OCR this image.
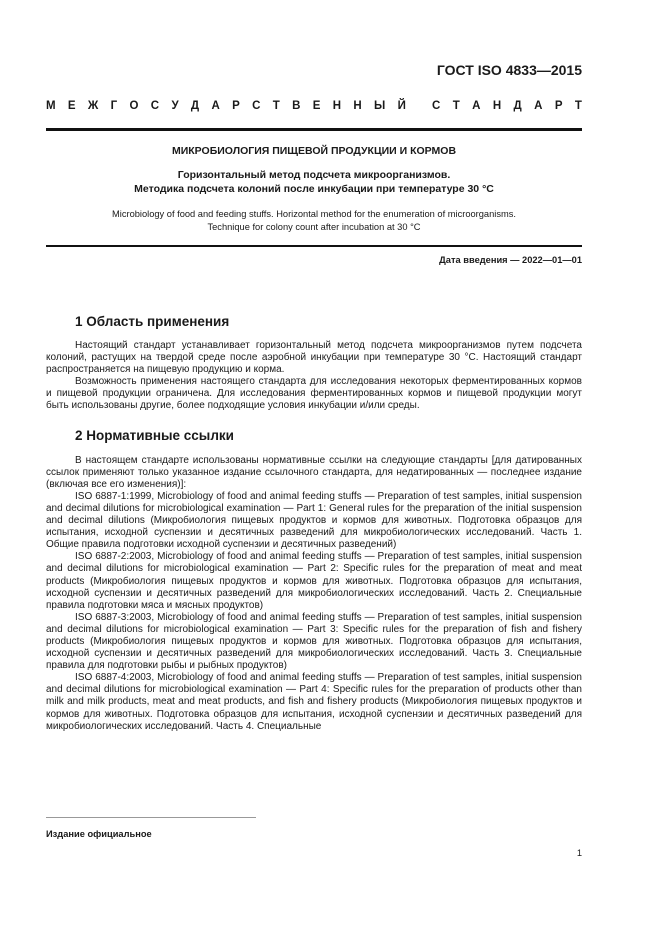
ГОСТ ISO 4833—2015
М Е Ж Г О С У Д А Р С Т В Е Н Н Ы Й С Т А Н Д А Р Т
МИКРОБИОЛОГИЯ ПИЩЕВОЙ ПРОДУКЦИИ И КОРМОВ
Горизонтальный метод подсчета микроорганизмов.
Методика подсчета колоний после инкубации при температуре 30 °С
Microbiology of food and feeding stuffs. Horizontal method for the enumeration of microorganisms.
Technique for colony count after incubation at 30 °C
Дата введения — 2022—01—01
1 Область применения

Настоящий стандарт устанавливает горизонтальный метод подсчета микроорганизмов путем подсчета колоний, растущих на твердой среде после аэробной инкубации при температуре 30 °С. Настоящий стандарт распространяется на пищевую продукцию и корма.

Возможность применения настоящего стандарта для исследования некоторых ферментированных кормов и пищевой продукции ограничена. Для исследования ферментированных кормов и пищевой продукции могут быть использованы другие, более подходящие условия инкубации и/или среды.

2 Нормативные ссылки

В настоящем стандарте использованы нормативные ссылки на следующие стандарты [для датированных ссылок применяют только указанное издание ссылочного стандарта, для недатированных — последнее издание (включая все его изменения)]:

ISO 6887-1:1999, Microbiology of food and animal feeding stuffs — Preparation of test samples, initial suspension and decimal dilutions for microbiological examination — Part 1: General rules for the preparation of the initial suspension and decimal dilutions (Микробиология пищевых продуктов и кормов для животных. Подготовка образцов для испытания, исходной суспензии и десятичных разведений для микробиологических исследований. Часть 1. Общие правила подготовки исходной суспензии и десятичных разведений)

ISO 6887-2:2003, Microbiology of food and animal feeding stuffs — Preparation of test samples, initial suspension and decimal dilutions for microbiological examination — Part 2: Specific rules for the preparation of meat and meat products (Микробиология пищевых продуктов и кормов для животных. Подготовка образцов для испытания, исходной суспензии и десятичных разведений для микробиологических исследований. Часть 2. Специальные правила подготовки мяса и мясных продуктов)

ISO 6887-3:2003, Microbiology of food and animal feeding stuffs — Preparation of test samples, initial suspension and decimal dilutions for microbiological examination — Part 3: Specific rules for the preparation of fish and fishery products (Микробиология пищевых продуктов и кормов для животных. Подготовка образцов для испытания, исходной суспензии и десятичных разведений для микробиологических исследований. Часть 3. Специальные правила для подготовки рыбы и рыбных продуктов)

ISO 6887-4:2003, Microbiology of food and animal feeding stuffs — Preparation of test samples, initial suspension and decimal dilutions for microbiological examination — Part 4: Specific rules for the preparation of products other than milk and milk products, meat and meat products, and fish and fishery products (Микробиология пищевых продуктов и кормов для животных. Подготовка образцов для испытания, исходной суспензии и десятичных разведений для микробиологических исследований. Часть 4. Специальные

Издание официальное
1
